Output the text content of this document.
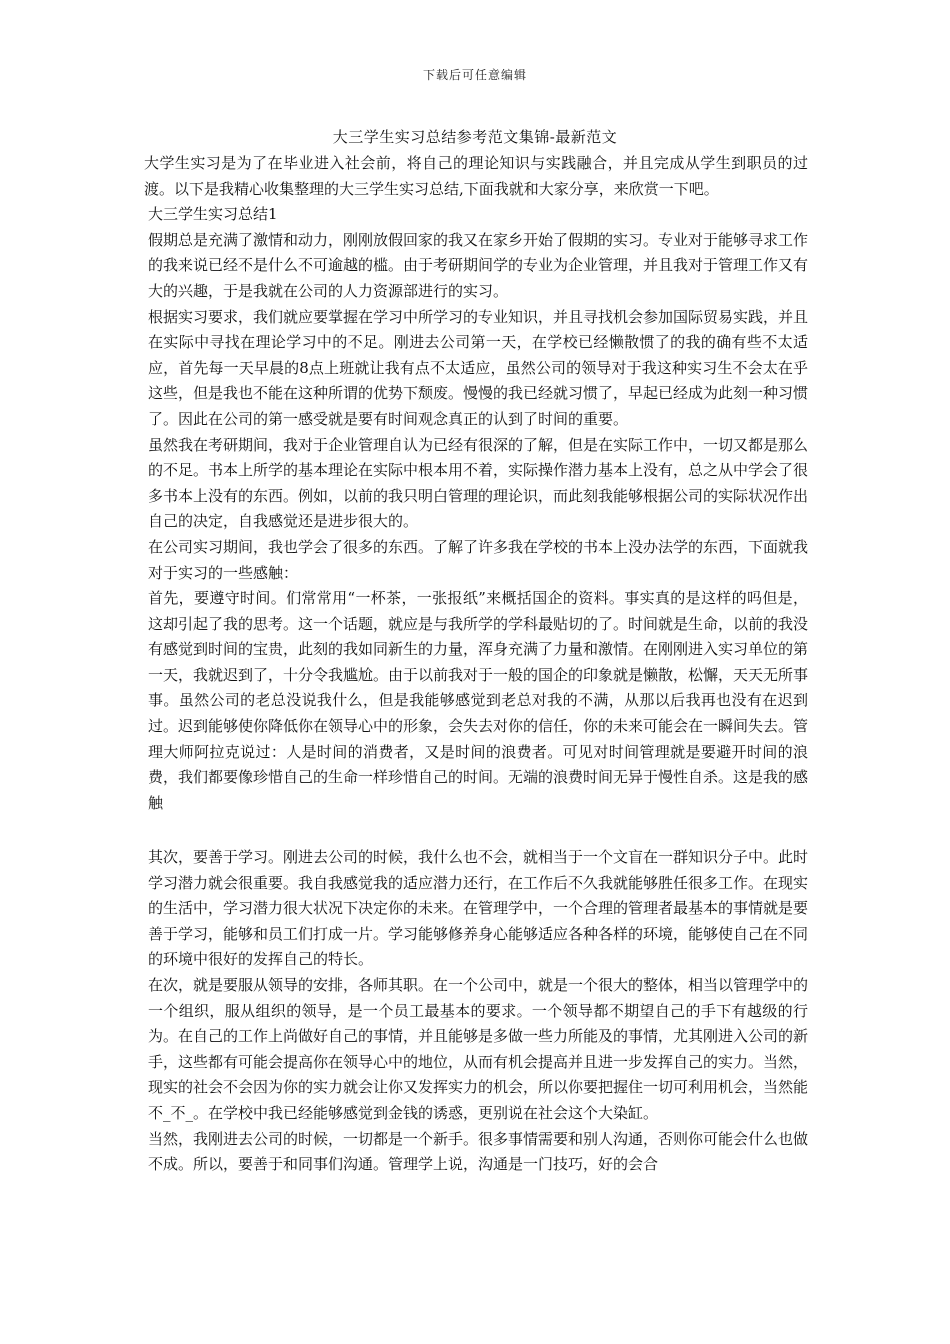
下载后可任意编辑
大三学生实习总结参考范文集锦-最新范文

大学生实习是为了在毕业进入社会前，将自己的理论知识与实践融合，并且完成从学生到职员的过渡。以下是我精心收集整理的大三学生实习总结,下面我就和大家分享，来欣赏一下吧。

大三学生实习总结1

假期总是充满了激情和动力，刚刚放假回家的我又在家乡开始了假期的实习。专业对于能够寻求工作的我来说已经不是什么不可逾越的槛。由于考研期间学的专业为企业管理，并且我对于管理工作又有大的兴趣，于是我就在公司的人力资源部进行的实习。

根据实习要求，我们就应要掌握在学习中所学习的专业知识，并且寻找机会参加国际贸易实践，并且在实际中寻找在理论学习中的不足。刚进去公司第一天，在学校已经懒散惯了的我的确有些不太适应，首先每一天早晨的8点上班就让我有点不太适应，虽然公司的领导对于我这种实习生不会太在乎这些，但是我也不能在这种所谓的优势下颓废。慢慢的我已经就习惯了，早起已经成为此刻一种习惯了。因此在公司的第一感受就是要有时间观念真正的认到了时间的重要。

虽然我在考研期间，我对于企业管理自认为已经有很深的了解，但是在实际工作中，一切又都是那么的不足。书本上所学的基本理论在实际中根本用不着，实际操作潜力基本上没有，总之从中学会了很多书本上没有的东西。例如，以前的我只明白管理的理论识，而此刻我能够根据公司的实际状况作出自己的决定，自我感觉还是进步很大的。

在公司实习期间，我也学会了很多的东西。了解了许多我在学校的书本上没办法学的东西，下面就我对于实习的一些感触：

首先，要遵守时间。们常常用“一杯茶，一张报纸”来概括国企的资料。事实真的是这样的吗但是，这却引起了我的思考。这一个话题，就应是与我所学的学科最贴切的了。时间就是生命，以前的我没有感觉到时间的宝贵，此刻的我如同新生的力量，浑身充满了力量和激情。在刚刚进入实习单位的第一天，我就迟到了，十分令我尴尬。由于以前我对于一般的国企的印象就是懒散，松懈，天天无所事事。虽然公司的老总没说我什么，但是我能够感觉到老总对我的不满，从那以后我再也没有在迟到过。迟到能够使你降低你在领导心中的形象，会失去对你的信任，你的未来可能会在一瞬间失去。管理大师阿拉克说过：人是时间的消费者，又是时间的浪费者。可见对时间管理就是要避开时间的浪费，我们都要像珍惜自己的生命一样珍惜自己的时间。无端的浪费时间无异于慢性自杀。这是我的感触

其次，要善于学习。刚进去公司的时候，我什么也不会，就相当于一个文盲在一群知识分子中。此时学习潜力就会很重要。我自我感觉我的适应潜力还行，在工作后不久我就能够胜任很多工作。在现实的生活中，学习潜力很大状况下决定你的未来。在管理学中，一个合理的管理者最基本的事情就是要善于学习，能够和员工们打成一片。学习能够修养身心能够适应各种各样的环境，能够使自己在不同的环境中很好的发挥自己的特长。

在次，就是要服从领导的安排，各师其职。在一个公司中，就是一个很大的整体，相当以管理学中的一个组织，服从组织的领导，是一个员工最基本的要求。一个领导都不期望自己的手下有越级的行为。在自己的工作上尚做好自己的事情，并且能够是多做一些力所能及的事情，尤其刚进入公司的新手，这些都有可能会提高你在领导心中的地位，从而有机会提高并且进一步发挥自己的实力。当然，现实的社会不会因为你的实力就会让你又发挥实力的机会，所以你要把握住一切可利用机会，当然能不_不_。在学校中我已经能够感觉到金钱的诱惑，更别说在社会这个大染缸。

当然，我刚进去公司的时候，一切都是一个新手。很多事情需要和别人沟通，否则你可能会什么也做不成。所以，要善于和同事们沟通。管理学上说，沟通是一门技巧，好的会合
